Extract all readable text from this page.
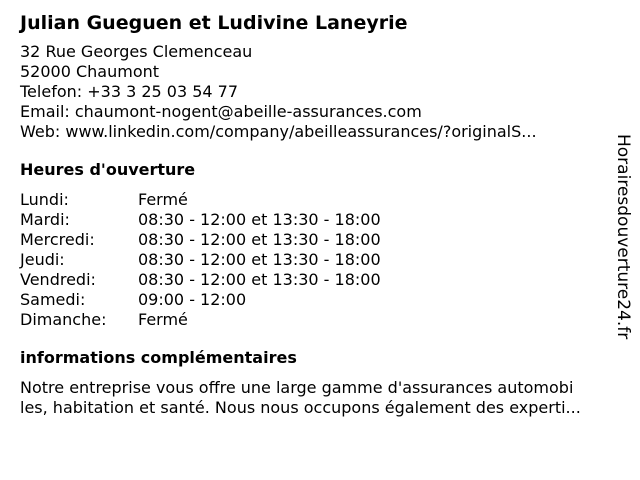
Julian Gueguen et Ludivine Laneyrie
32 Rue Georges Clemenceau
52000 Chaumont
Telefon: +33 3 25 03 54 77
Email: chaumont-nogent@abeille-assurances.com
Web: www.linkedin.com/company/abeilleassurances/?originalS...
Heures d'ouverture
Lundi:	Fermé
Mardi:	08:30 - 12:00 et 13:30 - 18:00
Mercredi:	08:30 - 12:00 et 13:30 - 18:00
Jeudi:	08:30 - 12:00 et 13:30 - 18:00
Vendredi:	08:30 - 12:00 et 13:30 - 18:00
Samedi:	09:00 - 12:00
Dimanche:	Fermé
informations complémentaires
Notre entreprise vous offre une large gamme d'assurances automobi
les, habitation et santé. Nous nous occupons également des experti...
Horairesdouverture24.fr
